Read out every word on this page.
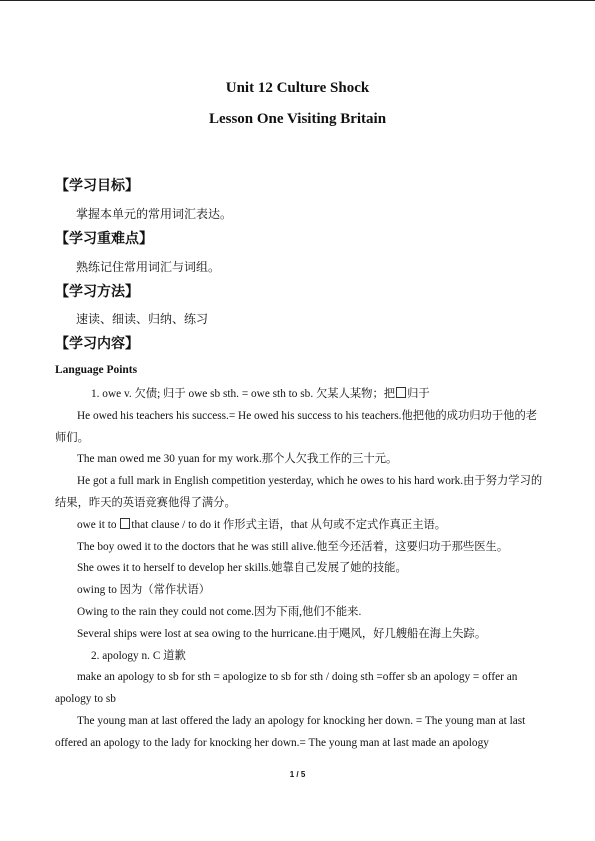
Unit 12 Culture Shock
Lesson One Visiting Britain
【学习目标】
掌握本单元的常用词汇表达。
【学习重难点】
熟练记住常用词汇与词组。
【学习方法】
速读、细读、归纳、练习
【学习内容】
Language Points

1. owe v. 欠债; 归于 owe sb sth. = owe sth to sb. 欠某人某物；把 归于

He owed his teachers his success.= He owed his success to his teachers.他把他的成功归功于他的老师们。

The man owed me 30 yuan for my work.那个人欠我工作的三十元。

He got a full mark in English competition yesterday, which he owes to his hard work.由于努力学习的结果，昨天的英语竞赛他得了满分。

owe it to that clause / to do it 作形式主语，that 从句或不定式作真正主语。

The boy owed it to the doctors that he was still alive.他至今还活着，这要归功于那些医生。

She owes it to herself to develop her skills.她靠自己发展了她的技能。

owing to 因为（常作状语）

Owing to the rain they could not come.因为下雨,他们不能来.

Several ships were lost at sea owing to the hurricane.由于飓风，好几艘船在海上失踪。

2. apology n. C 道歉

make an apology to sb for sth = apologize to sb for sth / doing sth =offer sb an apology = offer an apology to sb

The young man at last offered the lady an apology for knocking her down. = The young man at last offered an apology to the lady for knocking her down.= The young man at last made an apology

1 / 5
